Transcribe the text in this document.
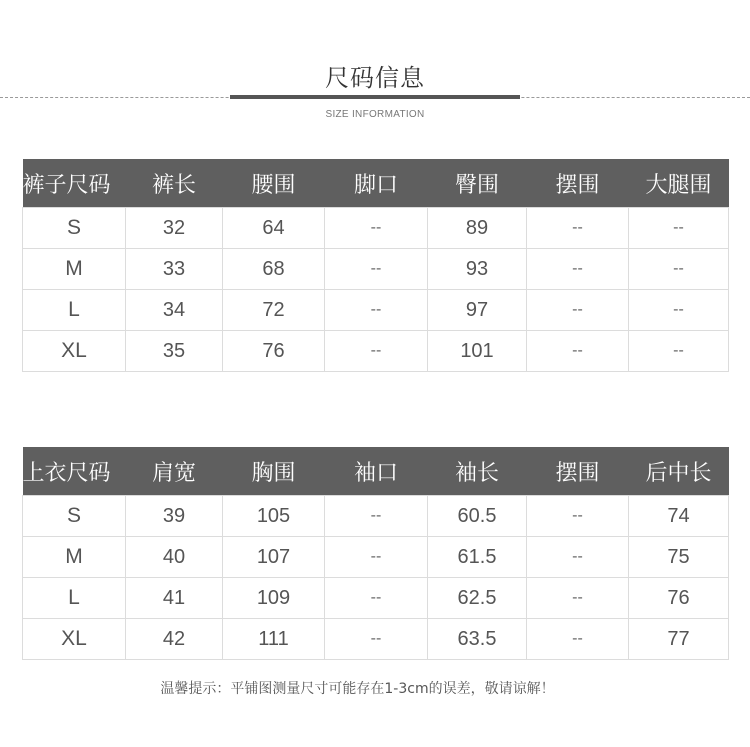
尺码信息
SIZE INFORMATION
裤子尺码	裤长	腰围	脚口	臀围	摆围	大腿围
S	32	64	--	89	--	--
M	33	68	--	93	--	--
L	34	72	--	97	--	--
XL	35	76	--	101	--	--
上衣尺码	肩宽	胸围	袖口	袖长	摆围	后中长
S	39	105	--	60.5	--	74
M	40	107	--	61.5	--	75
L	41	109	--	62.5	--	76
XL	42	111	--	63.5	--	77
温馨提示：平铺图测量尺寸可能存在1-3cm的误差，敬请谅解！
